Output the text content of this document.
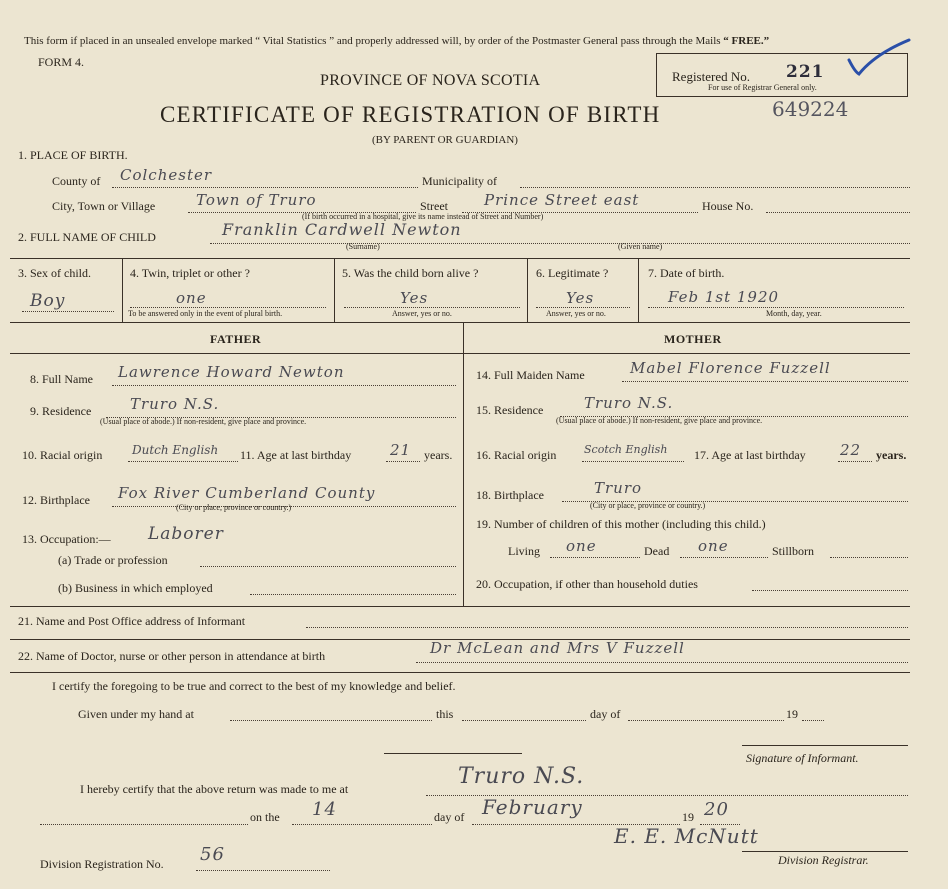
This form if placed in an unsealed envelope marked “ Vital Statistics ” and properly addressed will, by order of the Postmaster General pass through the Mails “ FREE.”
FORM 4.
PROVINCE OF NOVA SCOTIA
CERTIFICATE OF REGISTRATION OF BIRTH
(BY PARENT OR GUARDIAN)
Registered No. 221
For use of Registrar General only.
649224
1. PLACE OF BIRTH.
County of Colchester	Municipality of
City, Town or Village	Town of Truro	Street Prince Street east	House No.
(If birth occurred in a hospital, give its name instead of Street and Number)
2. FULL NAME OF CHILD	Franklin Cardwell Newton
(Surname)	(Given name)
3. Sex of child.
Boy
4. Twin, triplet or other ?
one
To be answered only in the event of plural birth.
5. Was the child born alive ?
Yes
Answer, yes or no.
6. Legitimate ?
Yes
Answer, yes or no.
7. Date of birth.
Feb 1st 1920
Month, day, year.
FATHER	MOTHER
8. Full Name Lawrence Howard Newton
9. Residence	Truro N.S.
(Usual place of abode.) If non-resident, give place and province.
10. Racial origin Dutch English 11. Age at last birthday	21 years.
12. Birthplace Fox River Cumberland County
(City or place, province or country.)
13. Occupation:— Laborer
(a) Trade or profession
(b) Business in which employed
14. Full Maiden Name	Mabel Florence Fuzzell
15. Residence	Truro N.S.
(Usual place of abode.) If non-resident, give place and province.
16. Racial origin	Scotch English 17. Age at last birthday 22 years.
18. Birthplace	Truro
(City or place, province or country.)
19. Number of children of this mother (including this child.)
Living one	Dead one	Stillborn
20. Occupation, if other than household duties
21. Name and Post Office address of Informant
22. Name of Doctor, nurse or other person in attendance at birth	Dr McLean and Mrs V Fuzzell
I certify the foregoing to be true and correct to the best of my knowledge and belief.
Given under my hand at	this	day of	19
Signature of Informant.
I hereby certify that the above return was made to me at	Truro N.S.
on the 14	day of February	19 20
E. E. McNutt
Division Registrar.
Division Registration No. 56
